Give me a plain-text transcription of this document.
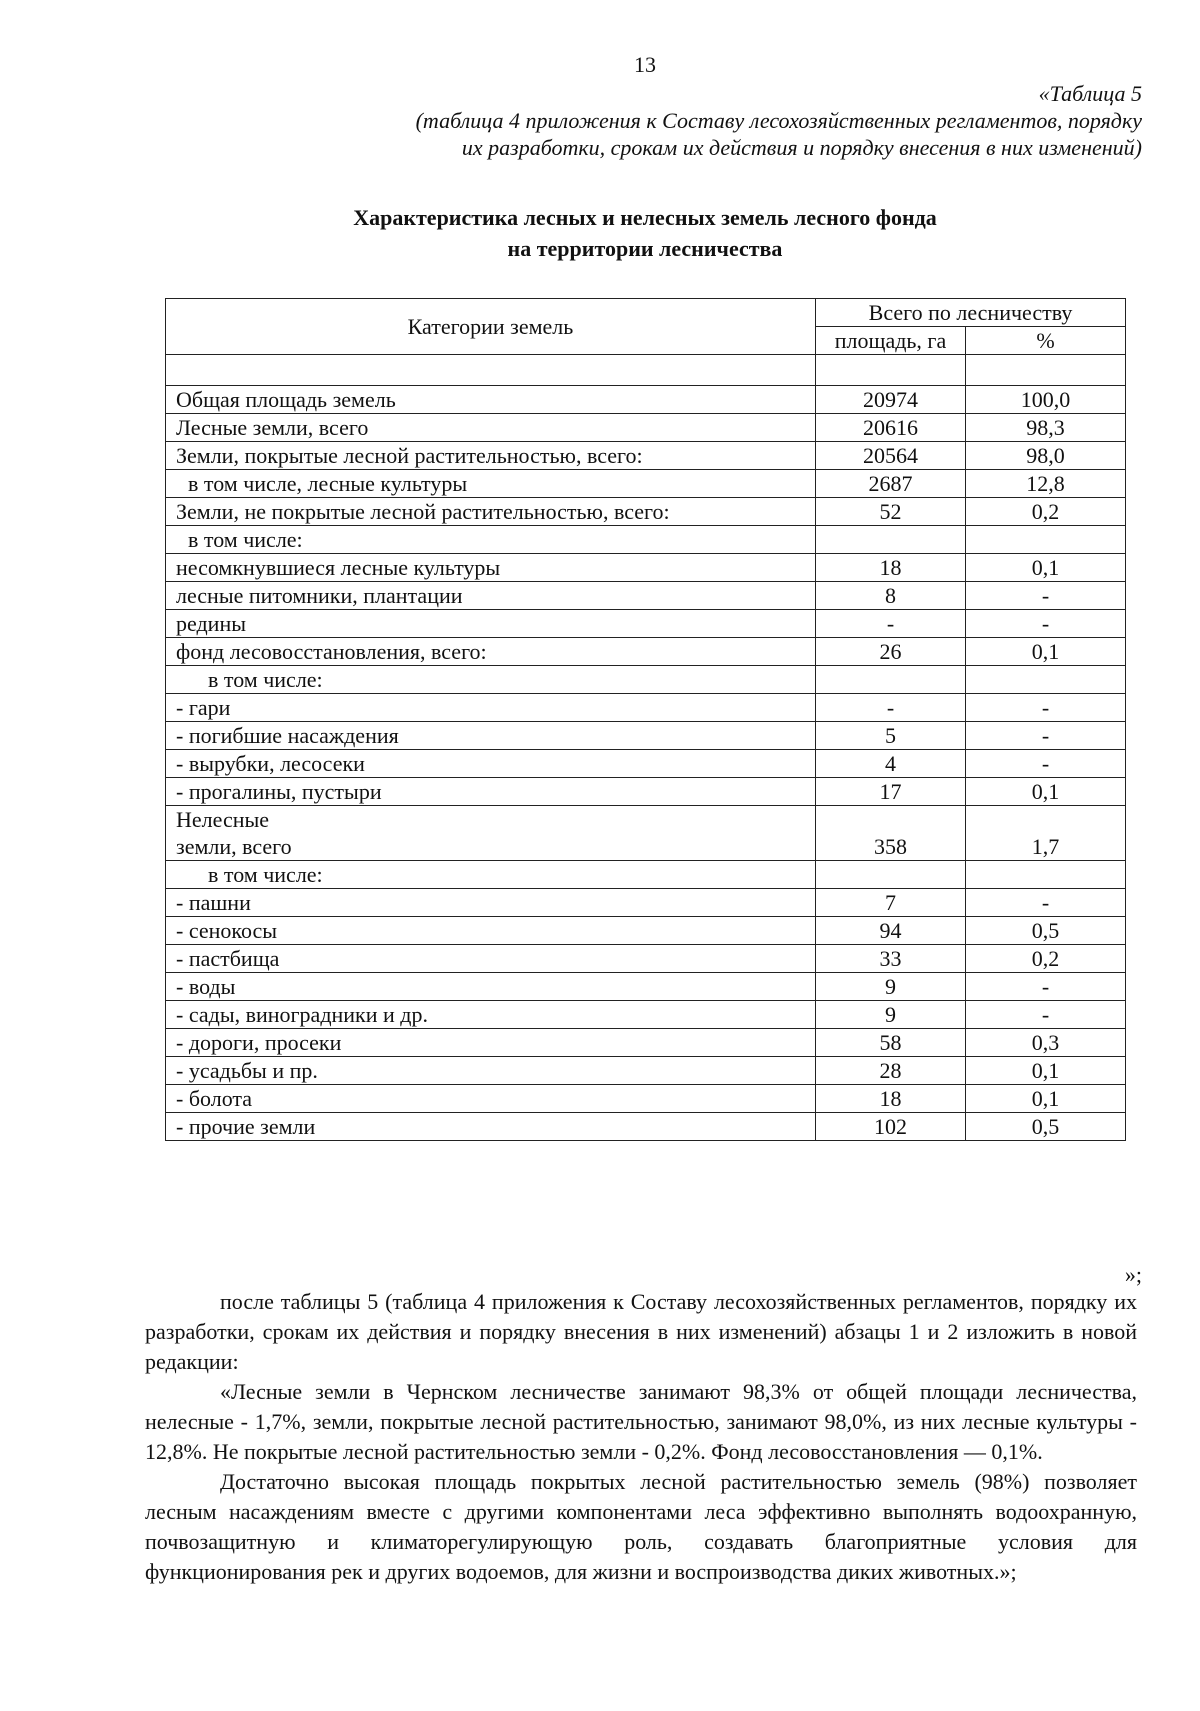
13
«Таблица 5
(таблица 4 приложения к Составу лесохозяйственных регламентов, порядку
их разработки, срокам их действия и порядку внесения в них изменений)
Характеристика лесных и нелесных земель лесного фонда
на территории лесничества
Категории земель	Всего по лесничеству	
	площадь, га	%

Общая площадь земель	20974	100,0
Лесные земли, всего	20616	98,3
Земли, покрытые лесной растительностью, всего:	20564	98,0
в том числе, лесные культуры	2687	12,8
Земли, не покрытые лесной растительностью, всего:	52	0,2
в том числе:		
несомкнувшиеся лесные культуры	18	0,1
лесные питомники, плантации	8	-
редины	-	-
фонд лесовосстановления, всего:	26	0,1
в том числе:		
- гари	-	-
- погибшие насаждения	5	-
- вырубки, лесосеки	4	-
- прогалины, пустыри	17	0,1
Нелесные земли, всего	358	1,7
в том числе:		
- пашни	7	-
- сенокосы	94	0,5
- пастбища	33	0,2
- воды	9	-
- сады, виноградники и др.	9	-
- дороги, просеки	58	0,3
- усадьбы и пр.	28	0,1
- болота	18	0,1
- прочие земли	102	0,5
»;

после таблицы 5 (таблица 4 приложения к Составу лесохозяйственных регламентов, порядку их разработки, срокам их действия и порядку внесения в них изменений) абзацы 1 и 2 изложить в новой редакции:

«Лесные земли в Чернском лесничестве занимают 98,3% от общей площади лесничества, нелесные - 1,7%, земли, покрытые лесной растительностью, занимают 98,0%, из них лесные культуры - 12,8%. Не покрытые лесной растительностью земли - 0,2%. Фонд лесовосстановления — 0,1%.

Достаточно высокая площадь покрытых лесной растительностью земель (98%) позволяет лесным насаждениям вместе с другими компонентами леса эффективно выполнять водоохранную, почвозащитную и климаторегулирующую роль, создавать благоприятные условия для функционирования рек и других водоемов, для жизни и воспроизводства диких животных.»;
